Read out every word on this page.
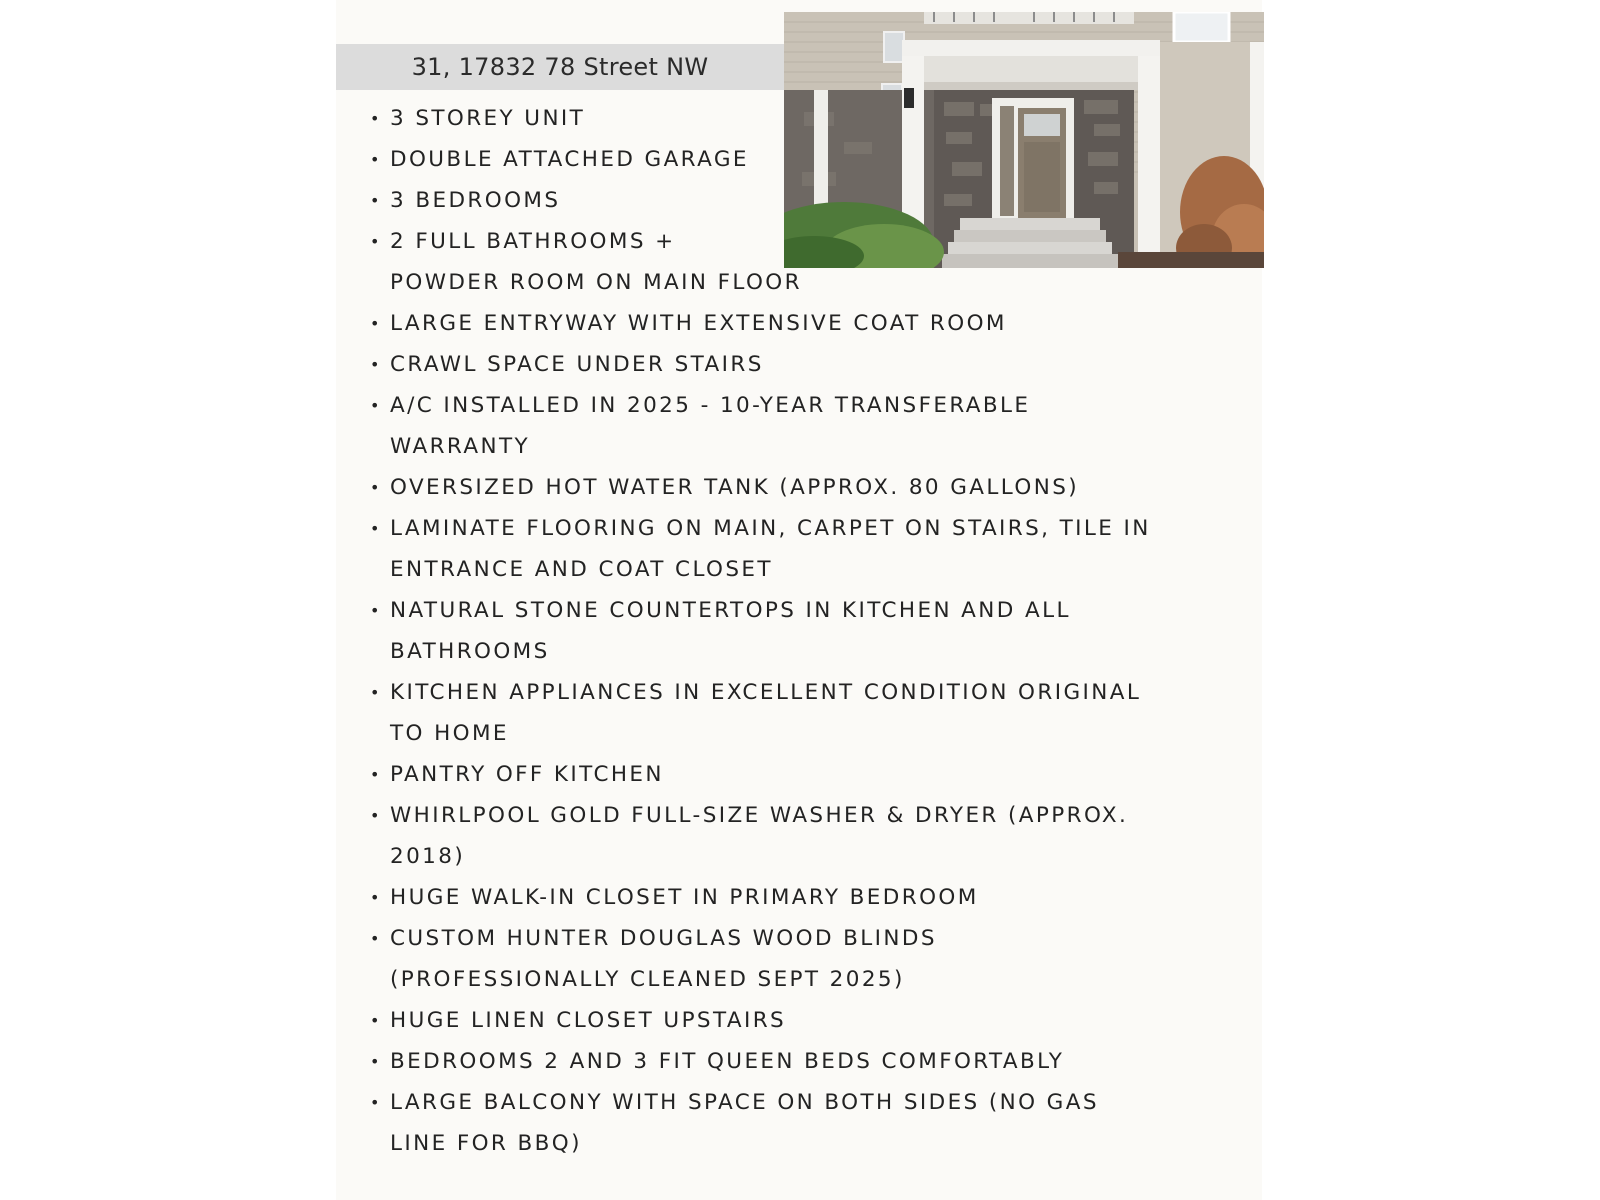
31, 17832 78 Street NW
• 3 STOREY UNIT
• DOUBLE ATTACHED GARAGE
• 3 BEDROOMS
• 2 FULL BATHROOMS +
POWDER ROOM ON MAIN FLOOR
• LARGE ENTRYWAY WITH EXTENSIVE COAT ROOM
• CRAWL SPACE UNDER STAIRS
• A/C INSTALLED IN 2025 - 10-YEAR TRANSFERABLE
WARRANTY
• OVERSIZED HOT WATER TANK (APPROX. 80 GALLONS)
• LAMINATE FLOORING ON MAIN, CARPET ON STAIRS, TILE IN
ENTRANCE AND COAT CLOSET
• NATURAL STONE COUNTERTOPS IN KITCHEN AND ALL
BATHROOMS
• KITCHEN APPLIANCES IN EXCELLENT CONDITION ORIGINAL
TO HOME
• PANTRY OFF KITCHEN
• WHIRLPOOL GOLD FULL-SIZE WASHER & DRYER (APPROX.
2018)
• HUGE WALK-IN CLOSET IN PRIMARY BEDROOM
• CUSTOM HUNTER DOUGLAS WOOD BLINDS
(PROFESSIONALLY CLEANED SEPT 2025)
• HUGE LINEN CLOSET UPSTAIRS
• BEDROOMS 2 AND 3 FIT QUEEN BEDS COMFORTABLY
• LARGE BALCONY WITH SPACE ON BOTH SIDES (NO GAS
LINE FOR BBQ)
